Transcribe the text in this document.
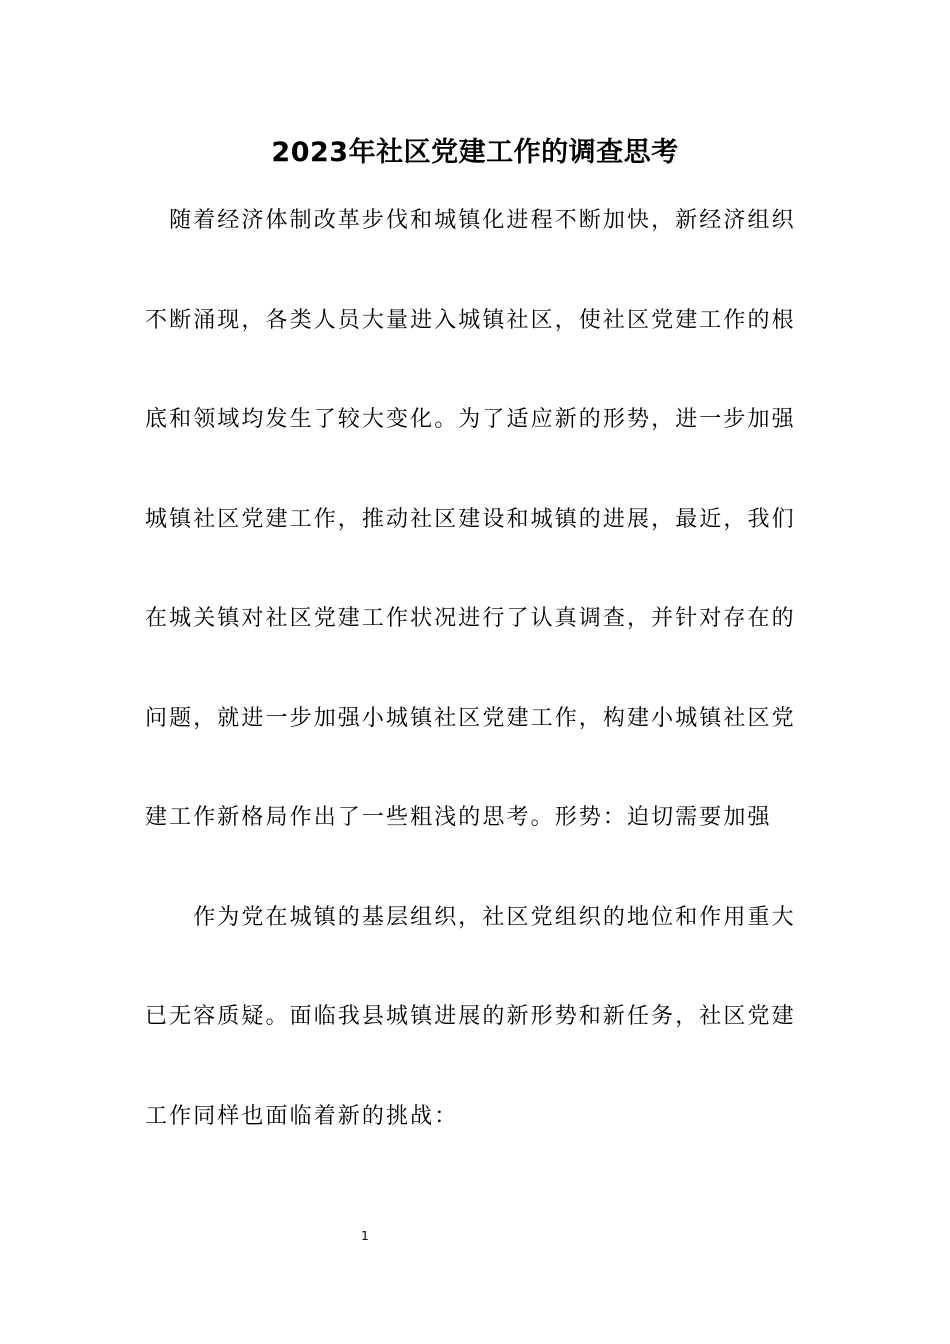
2023年社区党建工作的调查思考
　随着经济体制改革步伐和城镇化进程不断加快，新经济组织
不断涌现，各类人员大量进入城镇社区，使社区党建工作的根
底和领域均发生了较大变化。为了适应新的形势，进一步加强
城镇社区党建工作，推动社区建设和城镇的进展，最近，我们
在城关镇对社区党建工作状况进行了认真调查，并针对存在的
问题，就进一步加强小城镇社区党建工作，构建小城镇社区党
建工作新格局作出了一些粗浅的思考。形势：迫切需要加强
　　作为党在城镇的基层组织，社区党组织的地位和作用重大
已无容质疑。面临我县城镇进展的新形势和新任务，社区党建
工作同样也面临着新的挑战：
1
